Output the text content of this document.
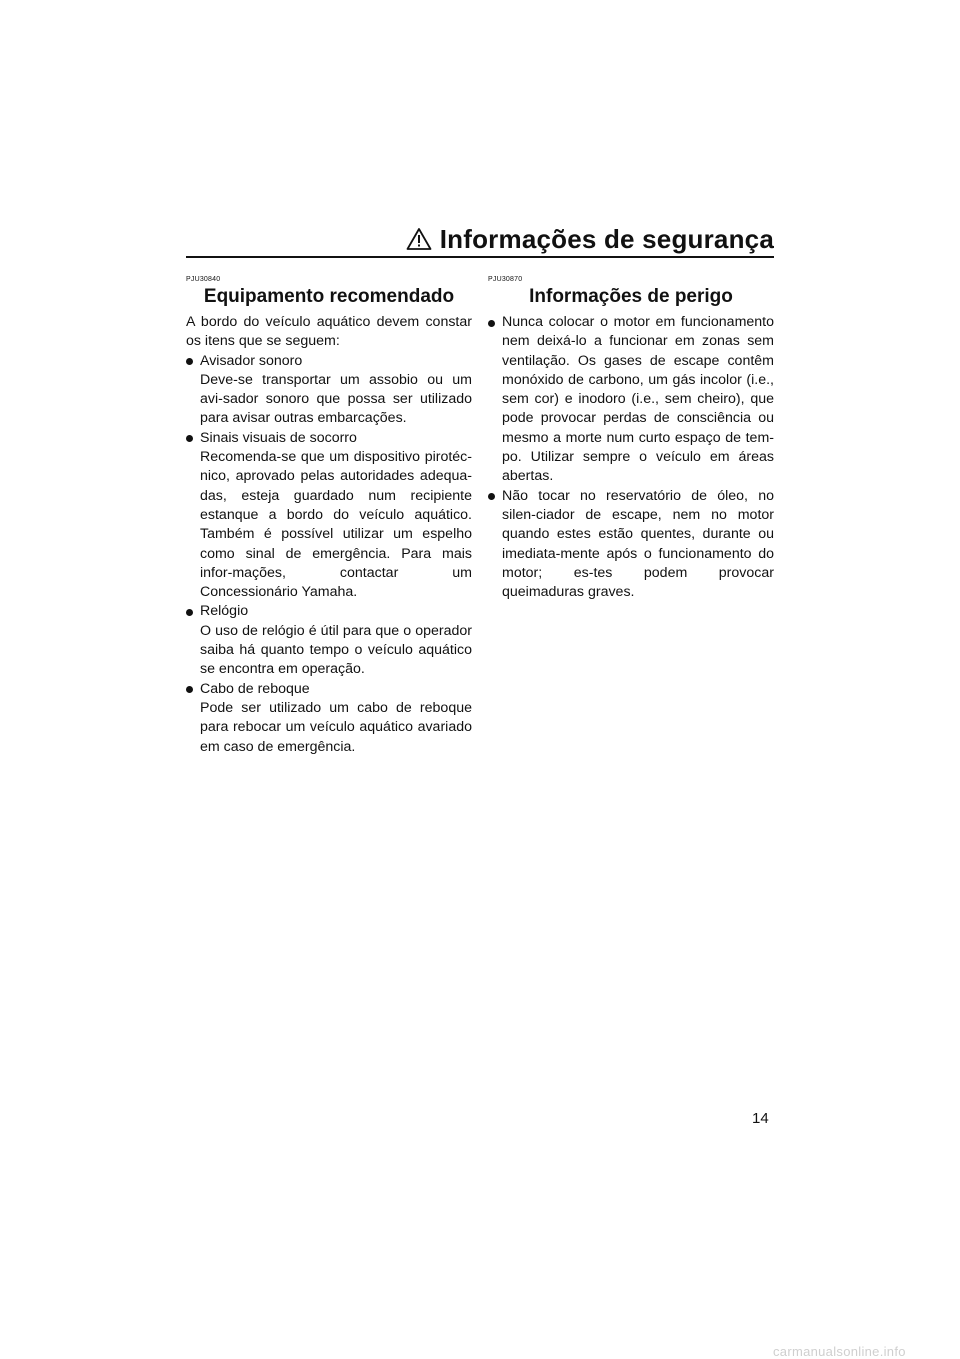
Informações de segurança
PJU30840
Equipamento recomendado

A bordo do veículo aquático devem constar os itens que se seguem:

Avisador sonoro
Deve-se transportar um assobio ou um avi-sador sonoro que possa ser utilizado para avisar outras embarcações.
Sinais visuais de socorro
Recomenda-se que um dispositivo pirotéc-nico, aprovado pelas autoridades adequa-das, esteja guardado num recipiente estanque a bordo do veículo aquático. Também é possível utilizar um espelho como sinal de emergência. Para mais infor-mações, contactar um Concessionário Yamaha.
Relógio
O uso de relógio é útil para que o operador saiba há quanto tempo o veículo aquático se encontra em operação.
Cabo de reboque
Pode ser utilizado um cabo de reboque para rebocar um veículo aquático avariado em caso de emergência.
PJU30870
Informações de perigo
Nunca colocar o motor em funcionamento nem deixá-lo a funcionar em zonas sem ventilação. Os gases de escape contêm monóxido de carbono, um gás incolor (i.e., sem cor) e inodoro (i.e., sem cheiro), que pode provocar perdas de consciência ou mesmo a morte num curto espaço de tem-po. Utilizar sempre o veículo em áreas abertas.
Não tocar no reservatório de óleo, no silen-ciador de escape, nem no motor quando estes estão quentes, durante ou imediata-mente após o funcionamento do motor; es-tes podem provocar queimaduras graves.
14
carmanualsonline.info
